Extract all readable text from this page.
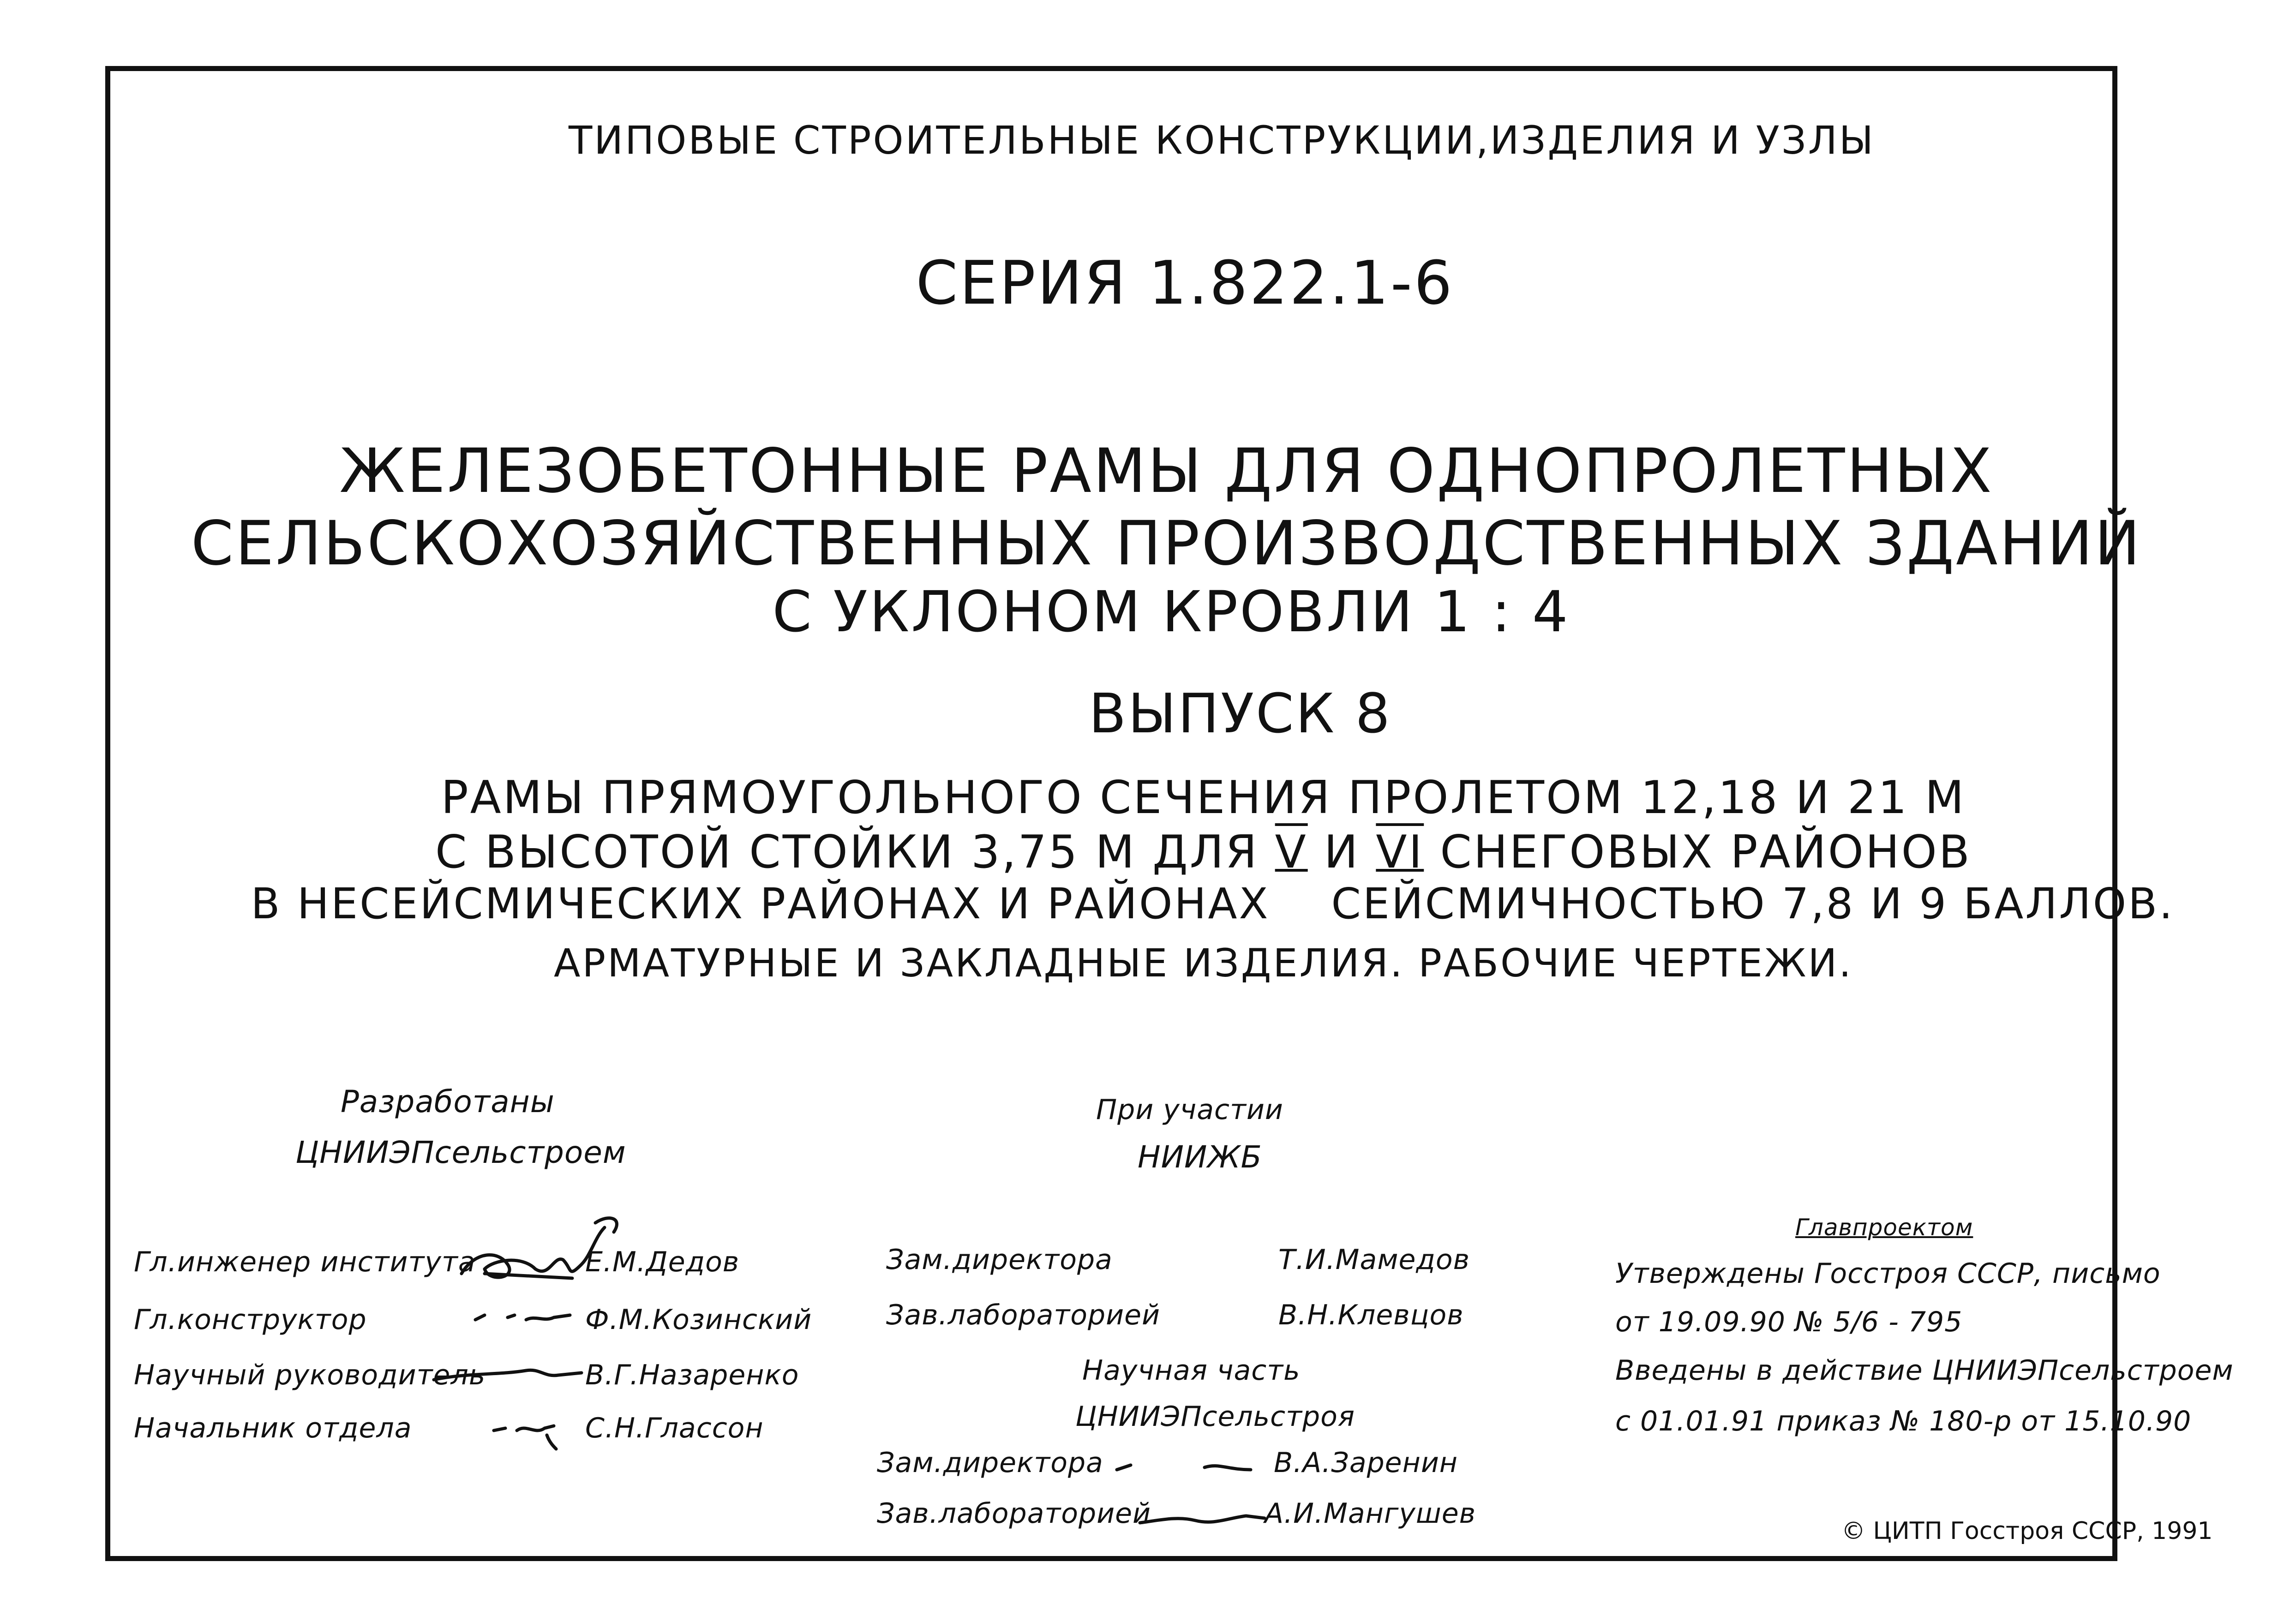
ТИПОВЫЕ СТРОИТЕЛЬНЫЕ КОНСТРУКЦИИ,ИЗДЕЛИЯ И УЗЛЫ
СЕРИЯ 1.822.1-6
ЖЕЛЕЗОБЕТОННЫЕ РАМЫ ДЛЯ ОДНОПРОЛЕТНЫХ
СЕЛЬСКОХОЗЯЙСТВЕННЫХ ПРОИЗВОДСТВЕННЫХ ЗДАНИЙ
С УКЛОНОМ КРОВЛИ 1 : 4
ВЫПУСК 8
РАМЫ ПРЯМОУГОЛЬНОГО СЕЧЕНИЯ ПРОЛЕТОМ 12,18 И 21 М
С ВЫСОТОЙ СТОЙКИ 3,75 М ДЛЯ V И VI СНЕГОВЫХ РАЙОНОВ
В НЕСЕЙСМИЧЕСКИХ РАЙОНАХ И РАЙОНАХ    СЕЙСМИЧНОСТЬЮ 7,8 И 9 БАЛЛОВ.
АРМАТУРНЫЕ И ЗАКЛАДНЫЕ ИЗДЕЛИЯ. РАБОЧИЕ ЧЕРТЕЖИ.
Разработаны
ЦНИИЭПсельстроем
При участии
НИИЖБ
Гл.инженер института	Е.М.Дедов
Гл.конструктор	Ф.М.Козинский
Научный руководитель	В.Г.Назаренко
Начальник отдела	С.Н.Глассон
Зам.директора	Т.И.Мамедов
Зав.лабораторией	В.Н.Клевцов
Научная часть
ЦНИИЭПсельстроя
Зам.директора	В.А.Заренин
Зав.лабораторией	А.И.Мангушев
Главпроектом
Утверждены Госстроя СССР, письмо
от 19.09.90 № 5/6 - 795
Введены в действие ЦНИИЭПсельстроем
с 01.01.91 приказ № 180-р от 15.10.90
© ЦИТП Госстроя СССР, 1991
